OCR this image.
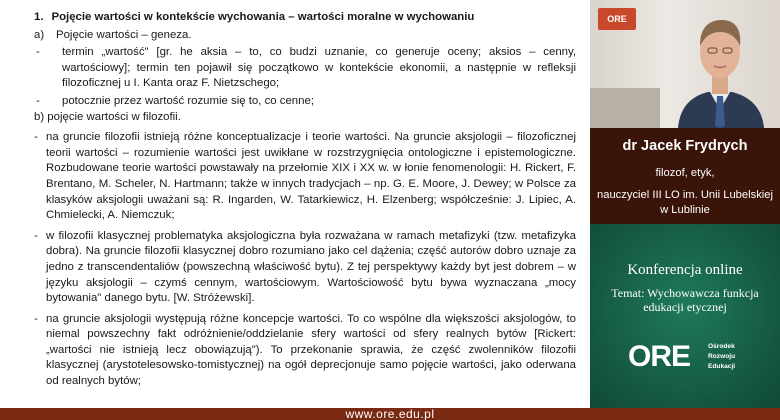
1. Pojęcie wartości w kontekście wychowania – wartości moralne w wychowaniu

a)	Pojęcie wartości – geneza.
-	termin „wartość" [gr. he aksia – to, co budzi uznanie, co generuje oceny; aksios – cenny, wartościowy]; termin ten pojawił się początkowo w kontekście ekonomii, a następnie w refleksji filozoficznej u I. Kanta oraz F. Nietzschego;
-	potocznie przez wartość rozumie się to, co cenne;

b) pojęcie wartości w filozofii.

- na gruncie filozofii istnieją różne konceptualizacje i teorie wartości. Na gruncie aksjologii – filozoficznej teorii wartości – rozumienie wartości jest uwikłane w rozstrzygnięcia ontologiczne i epistemologiczne. Rozbudowane teorie wartości powstawały na przełomie XIX i XX w. w łonie fenomenologii: H. Rickert, F. Brentano, M. Scheler, N. Hartmann; także w innych tradycjach – np. G. E. Moore, J. Dewey; w Polsce za klasyków aksjologii uważani są: R. Ingarden, W. Tatarkiewicz, H. Elzenberg; współcześnie: J. Lipiec, A. Chmielecki, A. Niemczuk;
- w filozofii klasycznej problematyka aksjologiczna była rozważana w ramach metafizyki (tzw. metafizyka dobra). Na gruncie filozofii klasycznej dobro rozumiano jako cel dążenia; część autorów dobro uznaje za jedno z transcendentaliów (powszechną właściwość bytu). Z tej perspektywy każdy byt jest dobrem – w języku aksjologii – czymś cennym, wartościowym. Wartościowość bytu bywa wyznaczana „mocy bytowania" danego bytu. [W. Stróżewski].
- na gruncie aksjologii występują różne koncepcje wartości. To co wspólne dla większości aksjologów, to niemal powszechny fakt odróżnienie/oddzielanie sfery wartości od sfery realnych bytów [Rickert: „wartości nie istnieją lecz obowiązują"). To przekonanie sprawia, że część zwolenników filozofii klasycznej (arystotelesowsko-tomistycznej) na ogół deprecjonuje samo pojęcie wartości, jako oderwana od realnych bytów;
ORE
dr Jacek Frydrych
filozof, etyk,
nauczyciel III LO im. Unii Lubelskiej
w Lublinie
Konferencja online
Temat: Wychowawcza funkcja edukacji etycznej
ORE	Ośrodek
Rozwoju
Edukacji
www.ore.edu.pl
